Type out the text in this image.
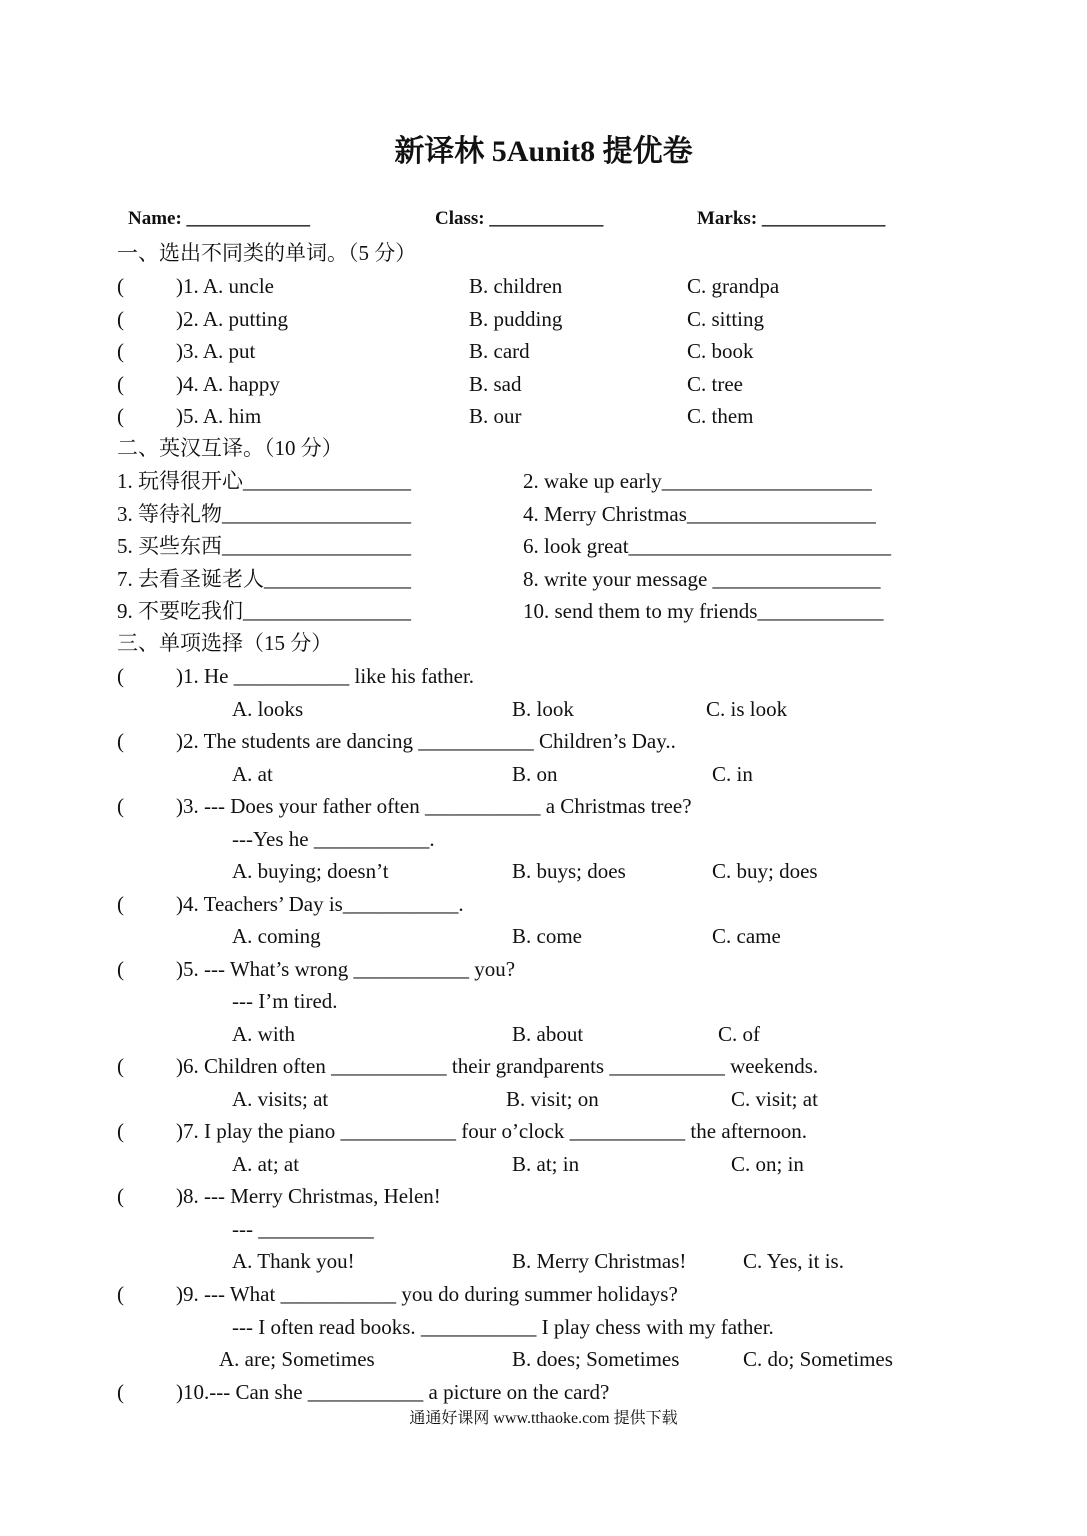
新译林 5Aunit8 提优卷
Name: _____________	Class: ____________	Marks: _____________
一、选出不同类的单词。（5 分）
( )1. A. uncle	B. children	C. grandpa
( )2. A. putting	B. pudding	C. sitting
( )3. A. put	B. card	C. book
( )4. A. happy	B. sad	C. tree
( )5. A. him	B. our	C. them
二、英汉互译。（10 分）
1. 玩得很开心________________	2. wake up early____________________
3. 等待礼物__________________	4. Merry Christmas__________________
5. 买些东西__________________	6. look great_________________________
7. 去看圣诞老人______________	8. write your message ________________
9. 不要吃我们________________	10. send them to my friends____________
三、单项选择（15 分）
( )1. He ___________ like his father.
A. looks	B. look	C. is look
( )2. The students are dancing ___________ Children’s Day..
A. at	B. on	C. in
( )3. --- Does your father often ___________ a Christmas tree?
---Yes he ___________.
A. buying; doesn’t	B. buys; does	C. buy; does
( )4. Teachers’ Day is___________.
A. coming	B. come	C. came
( )5. --- What’s wrong ___________ you?
--- I’m tired.
A. with	B. about	C. of
( )6. Children often ___________ their grandparents ___________ weekends.
A. visits; at	B. visit; on	C. visit; at
( )7. I play the piano ___________ four o’clock ___________ the afternoon.
A. at; at	B. at; in	C. on; in
( )8. --- Merry Christmas, Helen!
--- ___________
A. Thank you!	B. Merry Christmas!	C. Yes, it is.
( )9. --- What ___________ you do during summer holidays?
--- I often read books. ___________ I play chess with my father.
A. are; Sometimes	B. does; Sometimes	C. do; Sometimes
( )10.--- Can she ___________ a picture on the card?
通通好课网 www.tthaoke.com 提供下载
